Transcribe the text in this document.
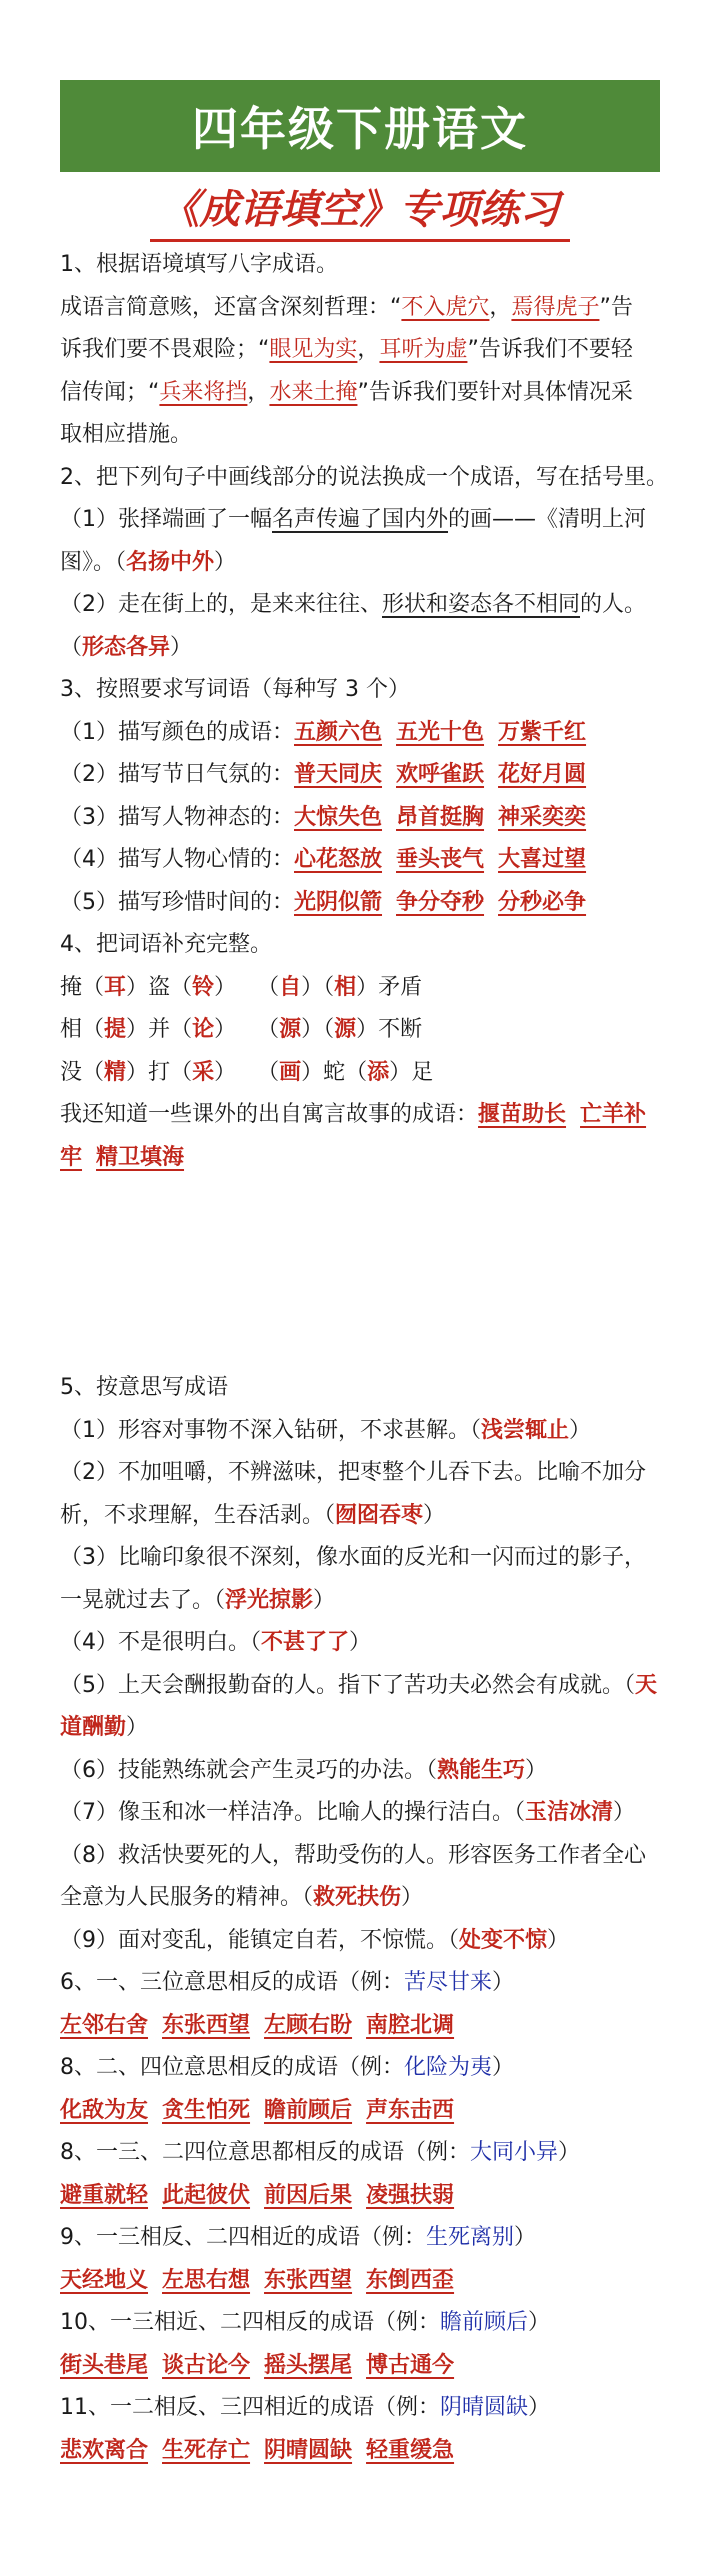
四年级下册语文
《成语填空》专项练习
1、根据语境填写八字成语。
成语言简意赅，还富含深刻哲理：“不入虎穴，焉得虎子”告
诉我们要不畏艰险；“眼见为实，耳听为虚”告诉我们不要轻
信传闻；“兵来将挡，水来土掩”告诉我们要针对具体情况采
取相应措施。
2、把下列句子中画线部分的说法换成一个成语，写在括号里。
（1）张择端画了一幅名声传遍了国内外的画——《清明上河
图》。（名扬中外）
（2）走在街上的，是来来往往、形状和姿态各不相同的人。
（形态各异）
3、按照要求写词语（每种写 3 个）
（1）描写颜色的成语：五颜六色 五光十色 万紫千红
（2）描写节日气氛的：普天同庆 欢呼雀跃 花好月圆
（3）描写人物神态的：大惊失色 昂首挺胸 神采奕奕
（4）描写人物心情的：心花怒放 垂头丧气 大喜过望
（5）描写珍惜时间的：光阴似箭 争分夺秒 分秒必争
4、把词语补充完整。
掩（耳）盗（铃）   （自）（相）矛盾
相（提）并（论）   （源）（源）不断
没（精）打（采）   （画）蛇（添）足
我还知道一些课外的出自寓言故事的成语：揠苗助长 亡羊补
牢 精卫填海
5、按意思写成语
（1）形容对事物不深入钻研，不求甚解。（浅尝辄止）
（2）不加咀嚼，不辨滋味，把枣整个儿吞下去。比喻不加分
析，不求理解，生吞活剥。（囫囵吞枣）
（3）比喻印象很不深刻，像水面的反光和一闪而过的影子，
一晃就过去了。（浮光掠影）
（4）不是很明白。（不甚了了）
（5）上天会酬报勤奋的人。指下了苦功夫必然会有成就。（天
道酬勤）
（6）技能熟练就会产生灵巧的办法。（熟能生巧）
（7）像玉和冰一样洁净。比喻人的操行洁白。（玉洁冰清）
（8）救活快要死的人，帮助受伤的人。形容医务工作者全心
全意为人民服务的精神。（救死扶伤）
（9）面对变乱，能镇定自若，不惊慌。（处变不惊）
6、一、三位意思相反的成语（例：苦尽甘来）
左邻右舍 东张西望 左顾右盼 南腔北调
8、二、四位意思相反的成语（例：化险为夷）
化敌为友 贪生怕死 瞻前顾后 声东击西
8、一三、二四位意思都相反的成语（例：大同小异）
避重就轻 此起彼伏 前因后果 凌强扶弱
9、一三相反、二四相近的成语（例：生死离别）
天经地义 左思右想 东张西望 东倒西歪
10、一三相近、二四相反的成语（例：瞻前顾后）
街头巷尾 谈古论今 摇头摆尾 博古通今
11、一二相反、三四相近的成语（例：阴晴圆缺）
悲欢离合 生死存亡 阴晴圆缺 轻重缓急
